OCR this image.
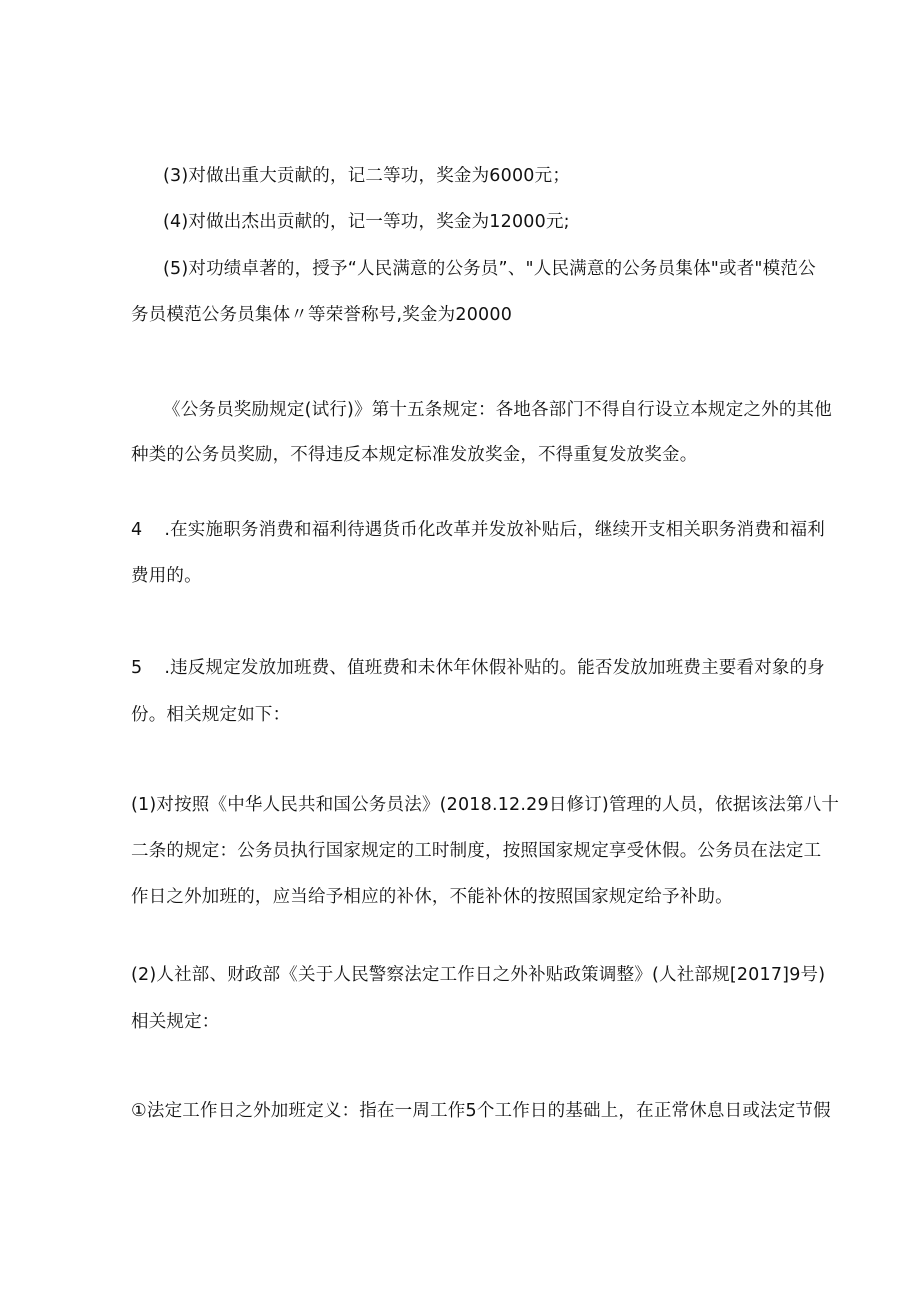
(3)对做出重大贡献的，记二等功，奖金为6000元；
(4)对做出杰出贡献的，记一等功，奖金为12000元;
(5)对功绩卓著的，授予“人民满意的公务员”、"人民满意的公务员集体"或者"模范公
务员模范公务员集体〃等荣誉称号,奖金为20000
《公务员奖励规定(试行)》第十五条规定：各地各部门不得自行设立本规定之外的其他
种类的公务员奖励，不得违反本规定标准发放奖金，不得重复发放奖金。
4 .在实施职务消费和福利待遇货币化改革并发放补贴后，继续开支相关职务消费和福利
费用的。
5 .违反规定发放加班费、值班费和未休年休假补贴的。能否发放加班费主要看对象的身
份。相关规定如下：
(1)对按照《中华人民共和国公务员法》(2018.12.29日修订)管理的人员，依据该法第八十
二条的规定：公务员执行国家规定的工时制度，按照国家规定享受休假。公务员在法定工
作日之外加班的，应当给予相应的补休，不能补休的按照国家规定给予补助。
(2)人社部、财政部《关于人民警察法定工作日之外补贴政策调整》(人社部规[2017]9号)
相关规定：
①法定工作日之外加班定义：指在一周工作5个工作日的基础上，在正常休息日或法定节假
